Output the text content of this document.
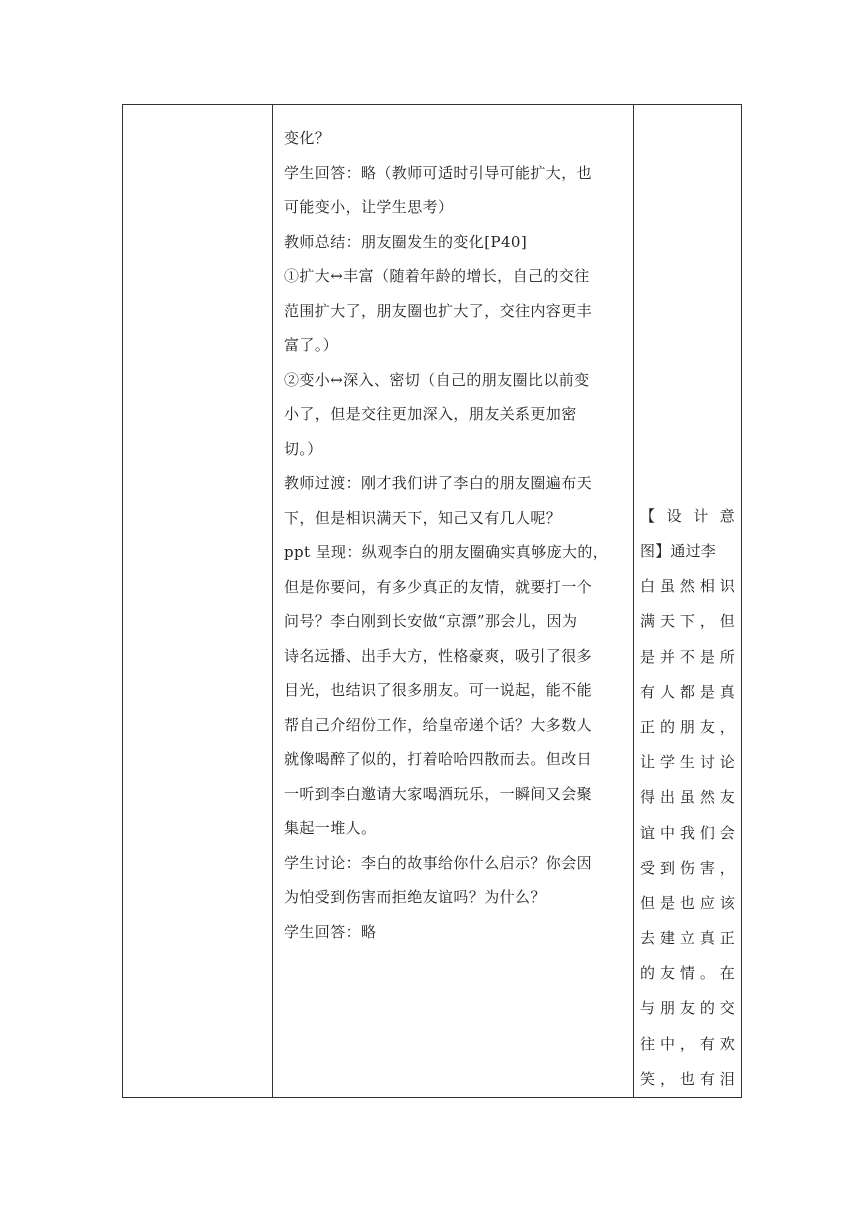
变化？
学生回答：略（教师可适时引导可能扩大，也
可能变小，让学生思考）
教师总结：朋友圈发生的变化[P40]
①扩大↔丰富（随着年龄的增长，自己的交往
范围扩大了，朋友圈也扩大了，交往内容更丰
富了。）
②变小↔深入、密切（自己的朋友圈比以前变
小了，但是交往更加深入，朋友关系更加密
切。）
教师过渡：刚才我们讲了李白的朋友圈遍布天
下，但是相识满天下，知己又有几人呢？
ppt 呈现：纵观李白的朋友圈确实真够庞大的，
但是你要问，有多少真正的友情，就要打一个
问号？李白刚到长安做“京漂”那会儿，因为
诗名远播、出手大方，性格豪爽，吸引了很多
目光，也结识了很多朋友。可一说起，能不能
帮自己介绍份工作，给皇帝递个话？大多数人
就像喝醉了似的，打着哈哈四散而去。但改日
一听到李白邀请大家喝酒玩乐，一瞬间又会聚
集起一堆人。
学生讨论：李白的故事给你什么启示？你会因
为怕受到伤害而拒绝友谊吗？为什么？
学生回答：略
【设计意
图】通过李
白虽然相识
满天下，但
是并不是所
有人都是真
正的朋友，
让学生讨论
得出虽然友
谊中我们会
受到伤害，
但是也应该
去建立真正
的友情。在
与朋友的交
往中，有欢
笑，也有泪
